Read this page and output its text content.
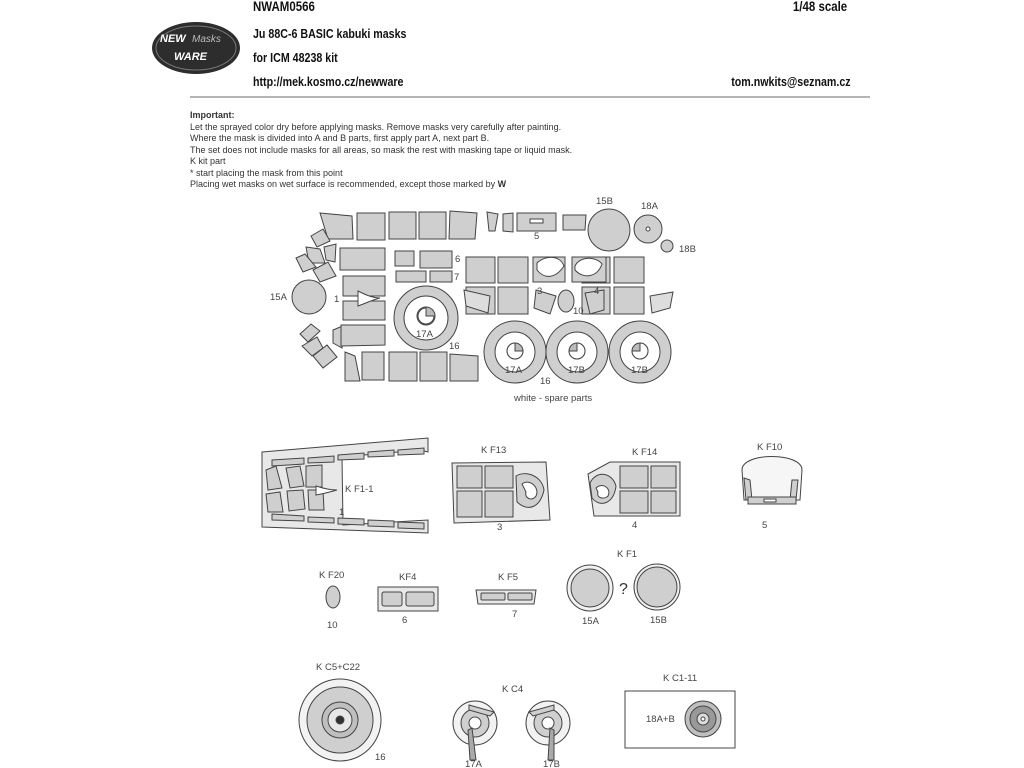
NWAM0566	1/48 scale
Ju 88C-6 BASIC kabuki masks
for ICM 48238 kit
http://mek.kosmo.cz/newware	tom.nwkits@seznam.cz
NEW Masks
WARE
Important:
Let the sprayed color dry before applying masks. Remove masks very carefully after painting.
Where the mask is divided into A and B parts, first apply part A, next part B.
The set does not include masks for all areas, so mask the rest with masking tape or liquid mask.
K kit part
* start placing the mask from this point
Placing wet masks on wet surface is recommended, except those marked by W
5
15B	18A
18B
15A	1
6
7
3	4
10
17A
16
17A	17B	17B
16
white - spare parts
K F1-1
1
K F13
3
K F14
4
K F10
5
K F20
10
KF4
6
K F5
7
K F1
?
15A	15B
K C5+C22
16
K C4
17A	17B
K C1-11
18A+B
